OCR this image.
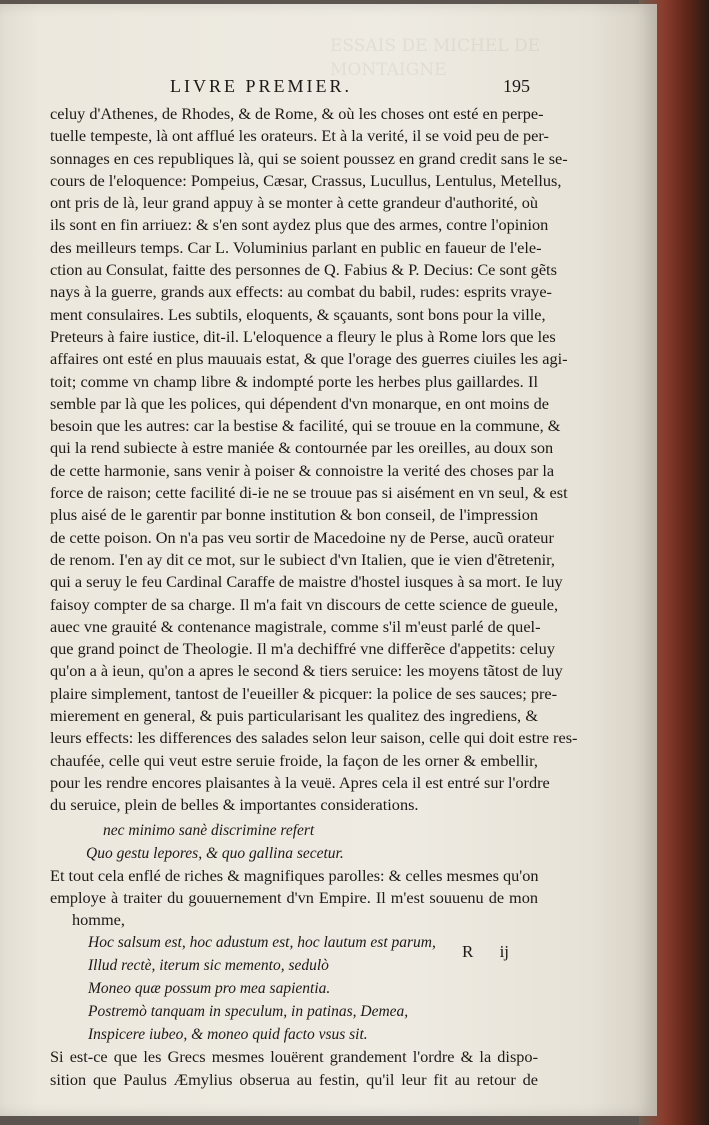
ESSAIS DE MICHEL DE MONTAIGNE
LIVRE PREMIER.	195
celuy d'Athenes, de Rhodes, & de Rome, & où les choses ont esté en perpe-
tuelle tempeste, là ont afflué les orateurs. Et à la verité, il se void peu de per-
sonnages en ces republiques là, qui se soient poussez en grand credit sans le se-
cours de l'eloquence: Pompeius, Cæsar, Crassus, Lucullus, Lentulus, Metellus,
ont pris de là, leur grand appuy à se monter à cette grandeur d'authorité, où
ils sont en fin arriuez: & s'en sont aydez plus que des armes, contre l'opinion
des meilleurs temps. Car L. Voluminius parlant en public en faueur de l'ele-
ction au Consulat, faitte des personnes de Q. Fabius & P. Decius: Ce sont gẽts
nays à la guerre, grands aux effects: au combat du babil, rudes: esprits vraye-
ment consulaires. Les subtils, eloquents, & sçauants, sont bons pour la ville,
Preteurs à faire iustice, dit-il. L'eloquence a fleury le plus à Rome lors que les
affaires ont esté en plus mauuais estat, & que l'orage des guerres ciuiles les agi-
toit; comme vn champ libre & indompté porte les herbes plus gaillardes. Il
semble par là que les polices, qui dépendent d'vn monarque, en ont moins de
besoin que les autres: car la bestise & facilité, qui se trouue en la commune, &
qui la rend subiecte à estre maniée & contournée par les oreilles, au doux son
de cette harmonie, sans venir à poiser & connoistre la verité des choses par la
force de raison; cette facilité di-ie ne se trouue pas si aisément en vn seul, & est
plus aisé de le garentir par bonne institution & bon conseil, de l'impression
de cette poison. On n'a pas veu sortir de Macedoine ny de Perse, aucũ orateur
de renom. I'en ay dit ce mot, sur le subiect d'vn Italien, que ie vien d'ẽtretenir,
qui a seruy le feu Cardinal Caraffe de maistre d'hostel iusques à sa mort. Ie luy
faisoy compter de sa charge. Il m'a fait vn discours de cette science de gueule,
auec vne grauité & contenance magistrale, comme s'il m'eust parlé de quel-
que grand poinct de Theologie. Il m'a dechiffré vne differẽce d'appetits: celuy
qu'on a à ieun, qu'on a apres le second & tiers seruice: les moyens tãtost de luy
plaire simplement, tantost de l'eueiller & picquer: la police de ses sauces; pre-
mierement en general, & puis particularisant les qualitez des ingrediens, &
leurs effects: les differences des salades selon leur saison, celle qui doit estre res-
chaufée, celle qui veut estre seruie froide, la façon de les orner & embellir,
pour les rendre encores plaisantes à la veuë. Apres cela il est entré sur l'ordre
du seruice, plein de belles & importantes considerations.
nec minimo sanè discrimine refert
Quo gestu lepores, & quo gallina secetur.
Et tout cela enflé de riches & magnifiques parolles: & celles mesmes qu'on
employe à traiter du gouuernement d'vn Empire. Il m'est souuenu de mon
homme,
Hoc salsum est, hoc adustum est, hoc lautum est parum,
Illud rectè, iterum sic memento, sedulò
Moneo quæ possum pro mea sapientia.
Postremò tanquam in speculum, in patinas, Demea,
Inspicere iubeo, & moneo quid facto vsus sit.
Si est-ce que les Grecs mesmes louërent grandement l'ordre & la dispo-
sition que Paulus Æmylius obserua au festin, qu'il leur fit au retour de
R ij
